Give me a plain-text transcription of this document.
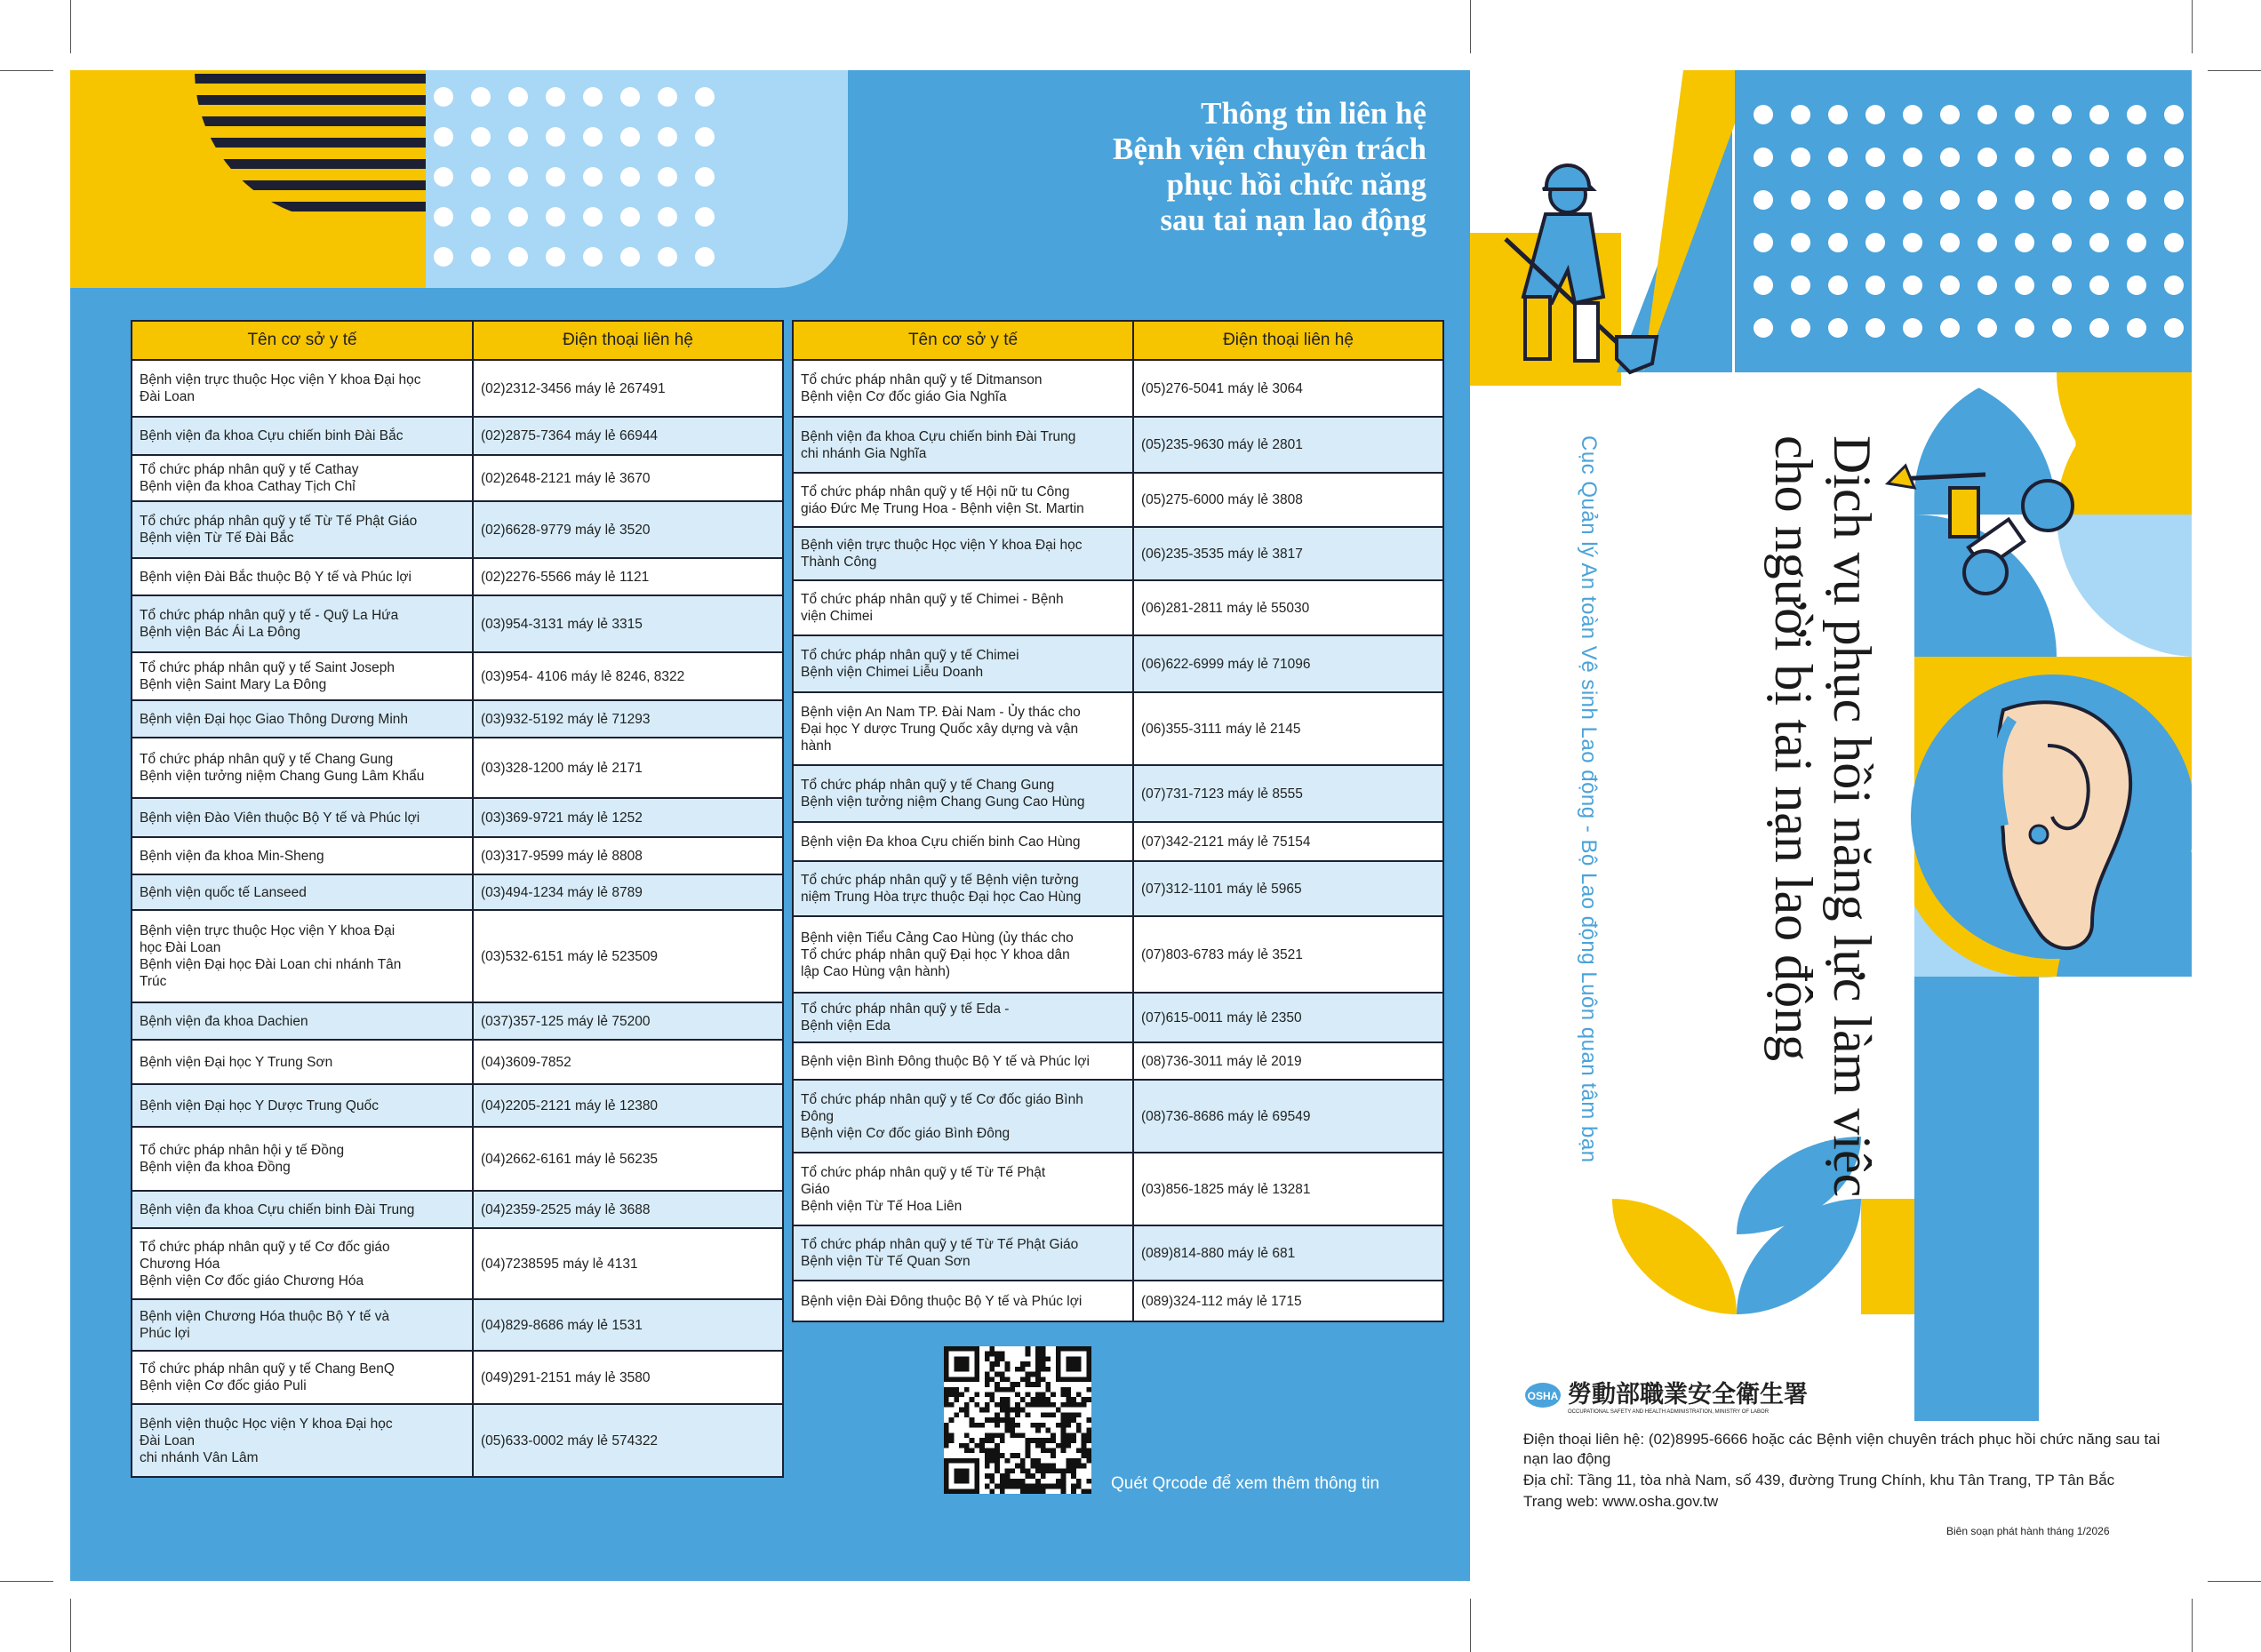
Thông tin liên hệ
Bệnh viện chuyên trách
phục hồi chức năng
sau tai nạn lao động
Tên cơ sở y tế	Điện thoại liên hệ
Bệnh viện trực thuộc Học viện Y khoa Đại học
Đài Loan	(02)2312-3456 máy lẻ 267491
Bệnh viện đa khoa Cựu chiến binh Đài Bắc	(02)2875-7364 máy lẻ 66944
Tổ chức pháp nhân quỹ y tế Cathay
Bệnh viện đa khoa Cathay Tịch Chỉ	(02)2648-2121 máy lẻ 3670
Tổ chức pháp nhân quỹ y tế Từ Tế Phật Giáo
Bệnh viện Từ Tế Đài Bắc	(02)6628-9779 máy lẻ 3520
Bệnh viện Đài Bắc thuộc Bộ Y tế và Phúc lợi	(02)2276-5566 máy lẻ 1121
Tổ chức pháp nhân quỹ y tế - Quỹ La Hứa
Bệnh viện Bác Ái La Đông	(03)954-3131 máy lẻ 3315
Tổ chức pháp nhân quỹ y tế Saint Joseph
Bệnh viện Saint Mary La Đông	(03)954- 4106 máy lẻ 8246, 8322
Bệnh viện Đại học Giao Thông Dương Minh	(03)932-5192 máy lẻ 71293
Tổ chức pháp nhân quỹ y tế Chang Gung
Bệnh viện tưởng niệm Chang Gung Lâm Khẩu	(03)328-1200 máy lẻ 2171
Bệnh viện Đào Viên thuộc Bộ Y tế và Phúc lợi	(03)369-9721 máy lẻ 1252
Bệnh viện đa khoa Min-Sheng	(03)317-9599 máy lẻ 8808
Bệnh viện quốc tế Lanseed	(03)494-1234 máy lẻ 8789
Bệnh viện trực thuộc Học viện Y khoa Đại
học Đài Loan
Bệnh viện Đại học Đài Loan chi nhánh Tân
Trúc	(03)532-6151 máy lẻ 523509
Bệnh viện đa khoa Dachien	(037)357-125 máy lẻ 75200
Bệnh viện Đại học Y Trung Sơn	(04)3609-7852
Bệnh viện Đại học Y Dược Trung Quốc	(04)2205-2121 máy lẻ 12380
Tổ chức pháp nhân hội y tế Đồng
Bệnh viện đa khoa Đồng	(04)2662-6161 máy lẻ 56235
Bệnh viện đa khoa Cựu chiến binh Đài Trung	(04)2359-2525 máy lẻ 3688
Tổ chức pháp nhân quỹ y tế Cơ đốc giáo
Chương Hóa
Bệnh viện Cơ đốc giáo Chương Hóa	(04)7238595 máy lẻ 4131
Bệnh viện Chương Hóa thuộc Bộ Y tế và
Phúc lợi	(04)829-8686 máy lẻ 1531
Tổ chức pháp nhân quỹ y tế Chang BenQ
Bệnh viện Cơ đốc giáo Puli	(049)291-2151 máy lẻ 3580
Bệnh viện thuộc Học viện Y khoa Đại học
Đài Loan
chi nhánh Vân Lâm	(05)633-0002 máy lẻ 574322
Tên cơ sở y tế	Điện thoại liên hệ
Tổ chức pháp nhân quỹ y tế Ditmanson
Bệnh viện Cơ đốc giáo Gia Nghĩa	(05)276-5041 máy lẻ 3064
Bệnh viện đa khoa Cựu chiến binh Đài Trung
chi nhánh Gia Nghĩa	(05)235-9630 máy lẻ 2801
Tổ chức pháp nhân quỹ y tế Hội nữ tu Công
giáo Đức Mẹ Trung Hoa - Bệnh viện St. Martin	(05)275-6000 máy lẻ 3808
Bệnh viện trực thuộc Học viện Y khoa Đại học
Thành Công	(06)235-3535 máy lẻ 3817
Tổ chức pháp nhân quỹ y tế Chimei - Bệnh
viện Chimei	(06)281-2811 máy lẻ 55030
Tổ chức pháp nhân quỹ y tế Chimei
Bệnh viện Chimei Liễu Doanh	(06)622-6999 máy lẻ 71096
Bệnh viện An Nam TP. Đài Nam - Ủy thác cho
Đại học Y dược Trung Quốc xây dựng và vận
hành	(06)355-3111 máy lẻ 2145
Tổ chức pháp nhân quỹ y tế Chang Gung
Bệnh viện tưởng niệm Chang Gung Cao Hùng	(07)731-7123 máy lẻ 8555
Bệnh viện Đa khoa Cựu chiến binh Cao Hùng	(07)342-2121 máy lẻ 75154
Tổ chức pháp nhân quỹ y tế Bệnh viện tưởng
niệm Trung Hòa trực thuộc Đại học Cao Hùng	(07)312-1101 máy lẻ 5965
Bệnh viện Tiểu Cảng Cao Hùng (ủy thác cho
Tổ chức pháp nhân quỹ Đại học Y khoa dân
lập Cao Hùng vận hành)	(07)803-6783 máy lẻ 3521
Tổ chức pháp nhân quỹ y tế Eda -
Bệnh viện Eda	(07)615-0011 máy lẻ 2350
Bệnh viện Bình Đông thuộc Bộ Y tế và Phúc lợi	(08)736-3011 máy lẻ 2019
Tổ chức pháp nhân quỹ y tế Cơ đốc giáo Bình
Đông
Bệnh viện Cơ đốc giáo Bình Đông	(08)736-8686 máy lẻ 69549
Tổ chức pháp nhân quỹ y tế Từ Tế Phật
Giáo
Bệnh viện Từ Tế Hoa Liên	(03)856-1825 máy lẻ 13281
Tổ chức pháp nhân quỹ y tế Từ Tế Phật Giáo
Bệnh viện Từ Tế Quan Sơn	(089)814-880 máy lẻ 681
Bệnh viện Đài Đông thuộc Bộ Y tế và Phúc lợi	(089)324-112 máy lẻ 1715
Quét Qrcode để xem thêm thông tin
Dịch vụ phục hồi năng lực làm việc
cho người bị tai nạn lao động
Cục Quản lý An toàn Vệ sinh Lao động - Bộ Lao động Luôn quan tâm bạn
OSHA 勞動部職業安全衛生署
OCCUPATIONAL SAFETY AND HEALTH ADMINISTRATION, MINISTRY OF LABOR
Điện thoại liên hệ: (02)8995-6666 hoặc các Bệnh viện chuyên trách phục hồi chức năng sau tai nạn lao động
Địa chỉ: Tầng 11, tòa nhà Nam, số 439, đường Trung Chính, khu Tân Trang, TP Tân Bắc
Trang web: www.osha.gov.tw
Biên soạn phát hành tháng 1/2026
